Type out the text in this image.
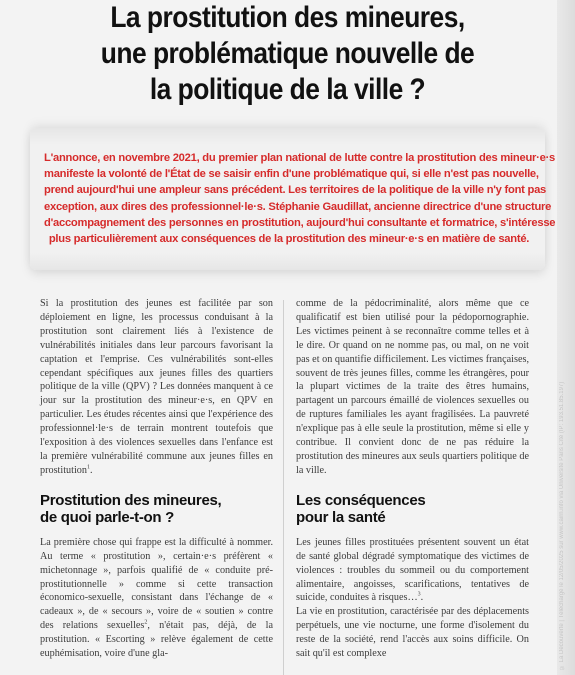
© La Découverte | Téléchargé le 12/05/2025 sur www.cairn.info via Université Paris Cité (IP: 193.51.85.197)
La prostitution des mineures,
une problématique nouvelle de
la politique de la ville ?
L'annonce, en novembre 2021, du premier plan national de lutte contre la prostitution des mineur·e·s
manifeste la volonté de l'État de se saisir enfin d'une problématique qui, si elle n'est pas nouvelle,
prend aujourd'hui une ampleur sans précédent. Les territoires de la politique de la ville n'y font pas
exception, aux dires des professionnel·le·s. Stéphanie Gaudillat, ancienne directrice d'une structure
d'accompagnement des personnes en prostitution, aujourd'hui consultante et formatrice, s'intéresse
plus particulièrement aux conséquences de la prostitution des mineur·e·s en matière de santé.

Si la prostitution des jeunes est facilitée par son déploiement en ligne, les processus conduisant à la prostitution sont clairement liés à l'existence de vulnérabilités initiales dans leur parcours favorisant la captation et l'emprise. Ces vulnérabilités sont-elles cependant spécifiques aux jeunes filles des quartiers politique de la ville (QPV) ? Les données manquent à ce jour sur la prostitution des mineur·e·s, en QPV en particulier. Les études récentes ainsi que l'expérience des professionnel·le·s de terrain montrent toutefois que l'exposition à des violences sexuelles dans l'enfance est la première vulnérabilité commune aux jeunes filles en prostitution$^1$.

Prostitution des mineures,
de quoi parle-t-on ?

La première chose qui frappe est la difficulté à nommer. Au terme « prostitution », certain·e·s préfèrent « michetonnage », parfois qualifié de « conduite pré-prostitutionnelle » comme si cette transaction économico-sexuelle, consistant dans l'échange de « cadeaux », de « secours », voire de « soutien » contre des relations sexuelles$^2$, n'était pas, déjà, de la prostitution. « Escorting » relève également de cette euphémisation, voire d'une gla-

comme de la pédocriminalité, alors même que ce qualificatif est bien utilisé pour la pédopornographie. Les victimes peinent à se reconnaître comme telles et à le dire. Or quand on ne nomme pas, ou mal, on ne voit pas et on quantifie difficilement. Les victimes françaises, souvent de très jeunes filles, comme les étrangères, pour la plupart victimes de la traite des êtres humains, partagent un parcours émaillé de violences sexuelles ou de ruptures familiales les ayant fragilisées. La pauvreté n'explique pas à elle seule la prostitution, même si elle y contribue. Il convient donc de ne pas réduire la prostitution des mineures aux seuls quartiers politique de la ville.

Les conséquences
pour la santé

Les jeunes filles prostituées présentent souvent un état de santé global dégradé symptomatique des victimes de violences : troubles du sommeil ou du comportement alimentaire, angoisses, scarifications, tentatives de suicide, conduites à risques…$^3$.

La vie en prostitution, caractérisée par des déplacements perpétuels, une vie nocturne, une forme d'isolement du reste de la société, rend l'accès aux soins difficile. On sait qu'il est complexe
